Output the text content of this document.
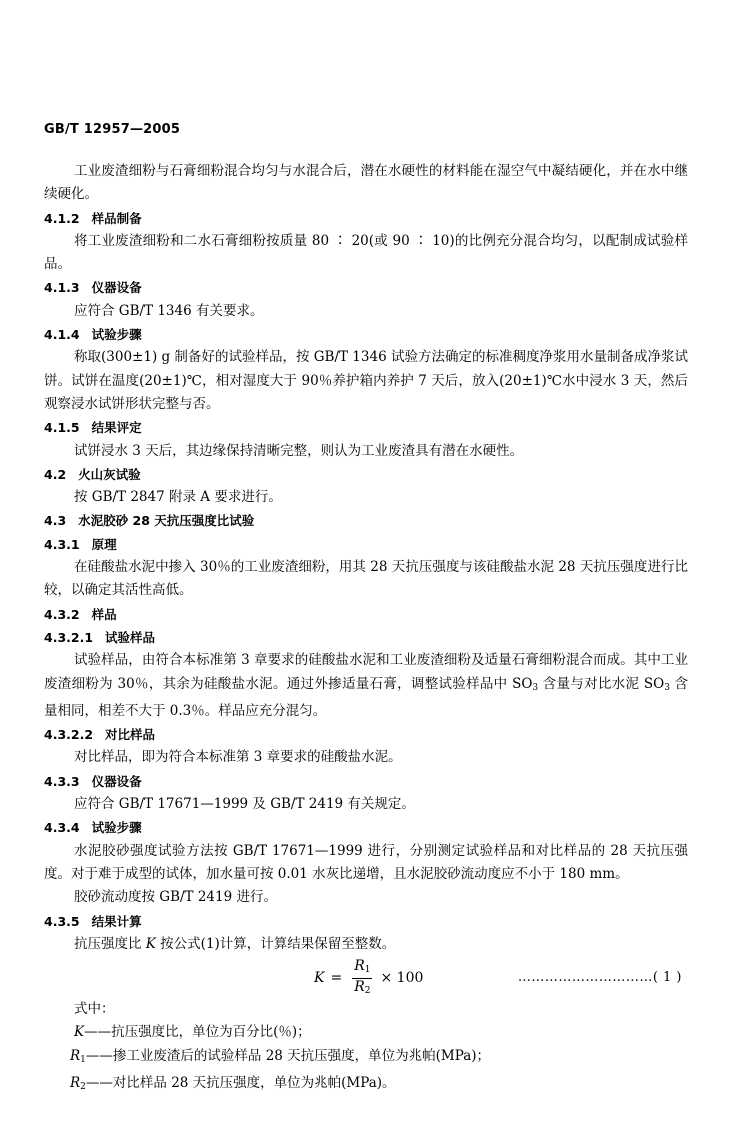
GB/T 12957—2005

工业废渣细粉与石膏细粉混合均匀与水混合后，潜在水硬性的材料能在湿空气中凝结硬化，并在水中继续硬化。

4.1.2 样品制备

将工业废渣细粉和二水石膏细粉按质量 80 ∶ 20(或 90 ∶ 10)的比例充分混合均匀，以配制成试验样品。

4.1.3 仪器设备

应符合 GB/T 1346 有关要求。

4.1.4 试验步骤

称取(300±1) g 制备好的试验样品，按 GB/T 1346 试验方法确定的标准稠度净浆用水量制备成净浆试饼。试饼在温度(20±1)℃，相对湿度大于 90％养护箱内养护 7 天后，放入(20±1)℃水中浸水 3 天，然后观察浸水试饼形状完整与否。

4.1.5 结果评定

试饼浸水 3 天后，其边缘保持清晰完整，则认为工业废渣具有潜在水硬性。

4.2 火山灰试验

按 GB/T 2847 附录 A 要求进行。

4.3 水泥胶砂 28 天抗压强度比试验

4.3.1 原理

在硅酸盐水泥中掺入 30％的工业废渣细粉，用其 28 天抗压强度与该硅酸盐水泥 28 天抗压强度进行比较，以确定其活性高低。

4.3.2 样品

4.3.2.1 试验样品

试验样品，由符合本标准第 3 章要求的硅酸盐水泥和工业废渣细粉及适量石膏细粉混合而成。其中工业废渣细粉为 30％，其余为硅酸盐水泥。通过外掺适量石膏，调整试验样品中 $SO_3$ 含量与对比水泥 $SO_3$ 含量相同，相差不大于 0.3％。样品应充分混匀。

4.3.2.2 对比样品

对比样品，即为符合本标准第 3 章要求的硅酸盐水泥。

4.3.3 仪器设备

应符合 GB/T 17671—1999 及 GB/T 2419 有关规定。

4.3.4 试验步骤

水泥胶砂强度试验方法按 GB/T 17671—1999 进行，分别测定试验样品和对比样品的 28 天抗压强度。对于难于成型的试体，加水量可按 0.01 水灰比递增，且水泥胶砂流动度应不小于 180 mm。

胶砂流动度按 GB/T 2419 进行。

4.3.5 结果计算

抗压强度比 K 按公式(1)计算，计算结果保留至整数。

$K = \frac{R_1}{R_2} \times 100$	…………………………( 1 )

式中：

K——抗压强度比，单位为百分比(％)；

$R_1——$掺工业废渣后的试验样品 28 天抗压强度，单位为兆帕(MPa)；

$R_2——$对比样品 28 天抗压强度，单位为兆帕(MPa)。
